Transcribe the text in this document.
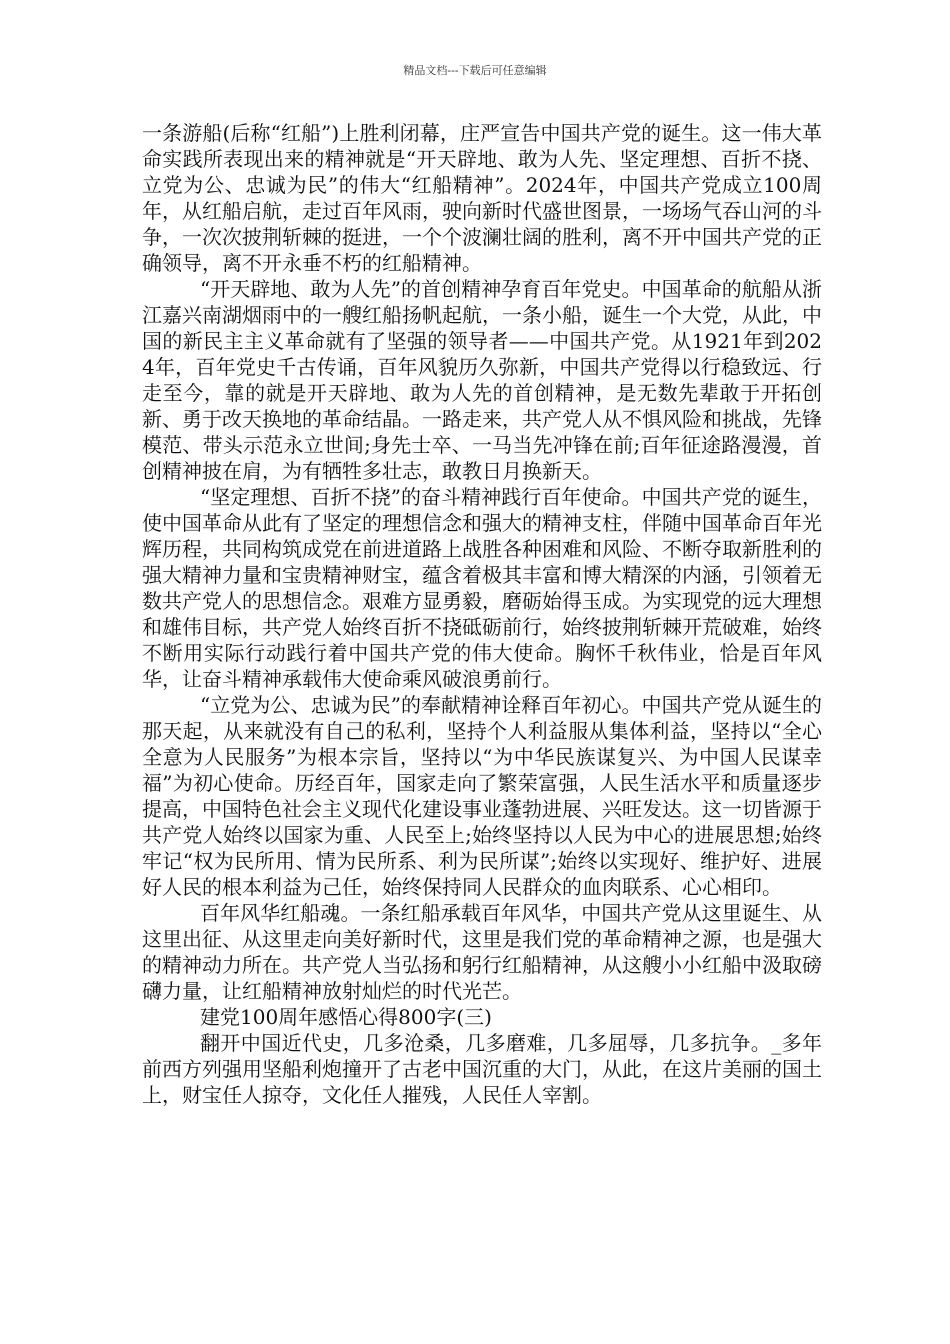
精品文档---下载后可任意编辑

一条游船(后称“红船”)上胜利闭幕，庄严宣告中国共产党的诞生。这一伟大革命实践所表现出来的精神就是“开天辟地、敢为人先、坚定理想、百折不挠、立党为公、忠诚为民”的伟大“红船精神”。2024年，中国共产党成立100周年，从红船启航，走过百年风雨，驶向新时代盛世图景，一场场气吞山河的斗争，一次次披荆斩棘的挺进，一个个波澜壮阔的胜利，离不开中国共产党的正确领导，离不开永垂不朽的红船精神。

“开天辟地、敢为人先”的首创精神孕育百年党史。中国革命的航船从浙江嘉兴南湖烟雨中的一艘红船扬帆起航，一条小船，诞生一个大党，从此，中国的新民主主义革命就有了坚强的领导者——中国共产党。从1921年到2024年，百年党史千古传诵，百年风貌历久弥新，中国共产党得以行稳致远、行走至今，靠的就是开天辟地、敢为人先的首创精神，是无数先辈敢于开拓创新、勇于改天换地的革命结晶。一路走来，共产党人从不惧风险和挑战，先锋模范、带头示范永立世间;身先士卒、一马当先冲锋在前;百年征途路漫漫，首创精神披在肩，为有牺牲多壮志，敢教日月换新天。

“坚定理想、百折不挠”的奋斗精神践行百年使命。中国共产党的诞生，使中国革命从此有了坚定的理想信念和强大的精神支柱，伴随中国革命百年光辉历程，共同构筑成党在前进道路上战胜各种困难和风险、不断夺取新胜利的强大精神力量和宝贵精神财宝，蕴含着极其丰富和博大精深的内涵，引领着无数共产党人的思想信念。艰难方显勇毅，磨砺始得玉成。为实现党的远大理想和雄伟目标，共产党人始终百折不挠砥砺前行，始终披荆斩棘开荒破难，始终不断用实际行动践行着中国共产党的伟大使命。胸怀千秋伟业，恰是百年风华，让奋斗精神承载伟大使命乘风破浪勇前行。

“立党为公、忠诚为民”的奉献精神诠释百年初心。中国共产党从诞生的那天起，从来就没有自己的私利，坚持个人利益服从集体利益，坚持以“全心全意为人民服务”为根本宗旨，坚持以“为中华民族谋复兴、为中国人民谋幸福”为初心使命。历经百年，国家走向了繁荣富强，人民生活水平和质量逐步提高，中国特色社会主义现代化建设事业蓬勃进展、兴旺发达。这一切皆源于共产党人始终以国家为重、人民至上;始终坚持以人民为中心的进展思想;始终牢记“权为民所用、情为民所系、利为民所谋”;始终以实现好、维护好、进展好人民的根本利益为己任，始终保持同人民群众的血肉联系、心心相印。

百年风华红船魂。一条红船承载百年风华，中国共产党从这里诞生、从这里出征、从这里走向美好新时代，这里是我们党的革命精神之源，也是强大的精神动力所在。共产党人当弘扬和躬行红船精神，从这艘小小红船中汲取磅礴力量，让红船精神放射灿烂的时代光芒。

建党100周年感悟心得800字(三)

翻开中国近代史，几多沧桑，几多磨难，几多屈辱，几多抗争。_多年前西方列强用坚船利炮撞开了古老中国沉重的大门，从此，在这片美丽的国土上，财宝任人掠夺，文化任人摧残，人民任人宰割。
